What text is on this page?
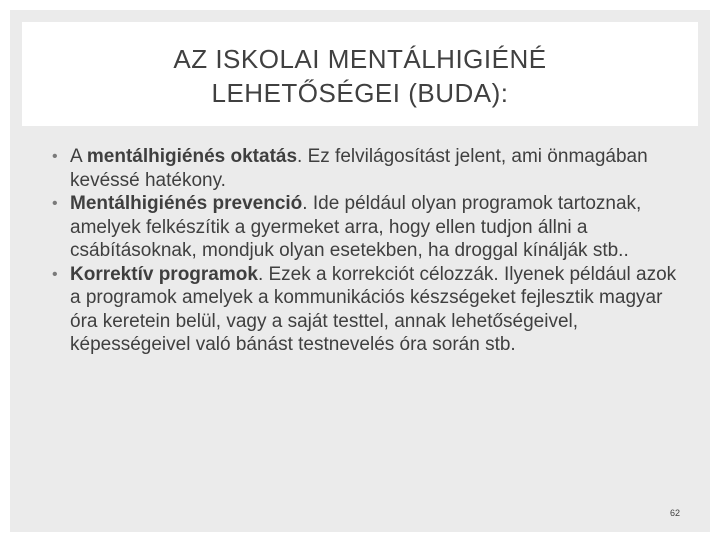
AZ ISKOLAI MENTÁLHIGIÉNÉ
LEHETŐSÉGEI (BUDA):
• A mentálhigiénés oktatás. Ez felvilágosítást jelent, ami önmagában kevéssé hatékony.
• Mentálhigiénés prevenció. Ide például olyan programok tartoznak, amelyek felkészítik a gyermeket arra, hogy ellen tudjon állni a csábításoknak, mondjuk olyan esetekben, ha droggal kínálják stb..
• Korrektív programok. Ezek a korrekciót célozzák. Ilyenek például azok a programok amelyek a kommunikációs készségeket fejlesztik magyar óra keretein belül, vagy a saját testtel, annak lehetőségeivel, képességeivel való bánást testnevelés óra során stb.
62
